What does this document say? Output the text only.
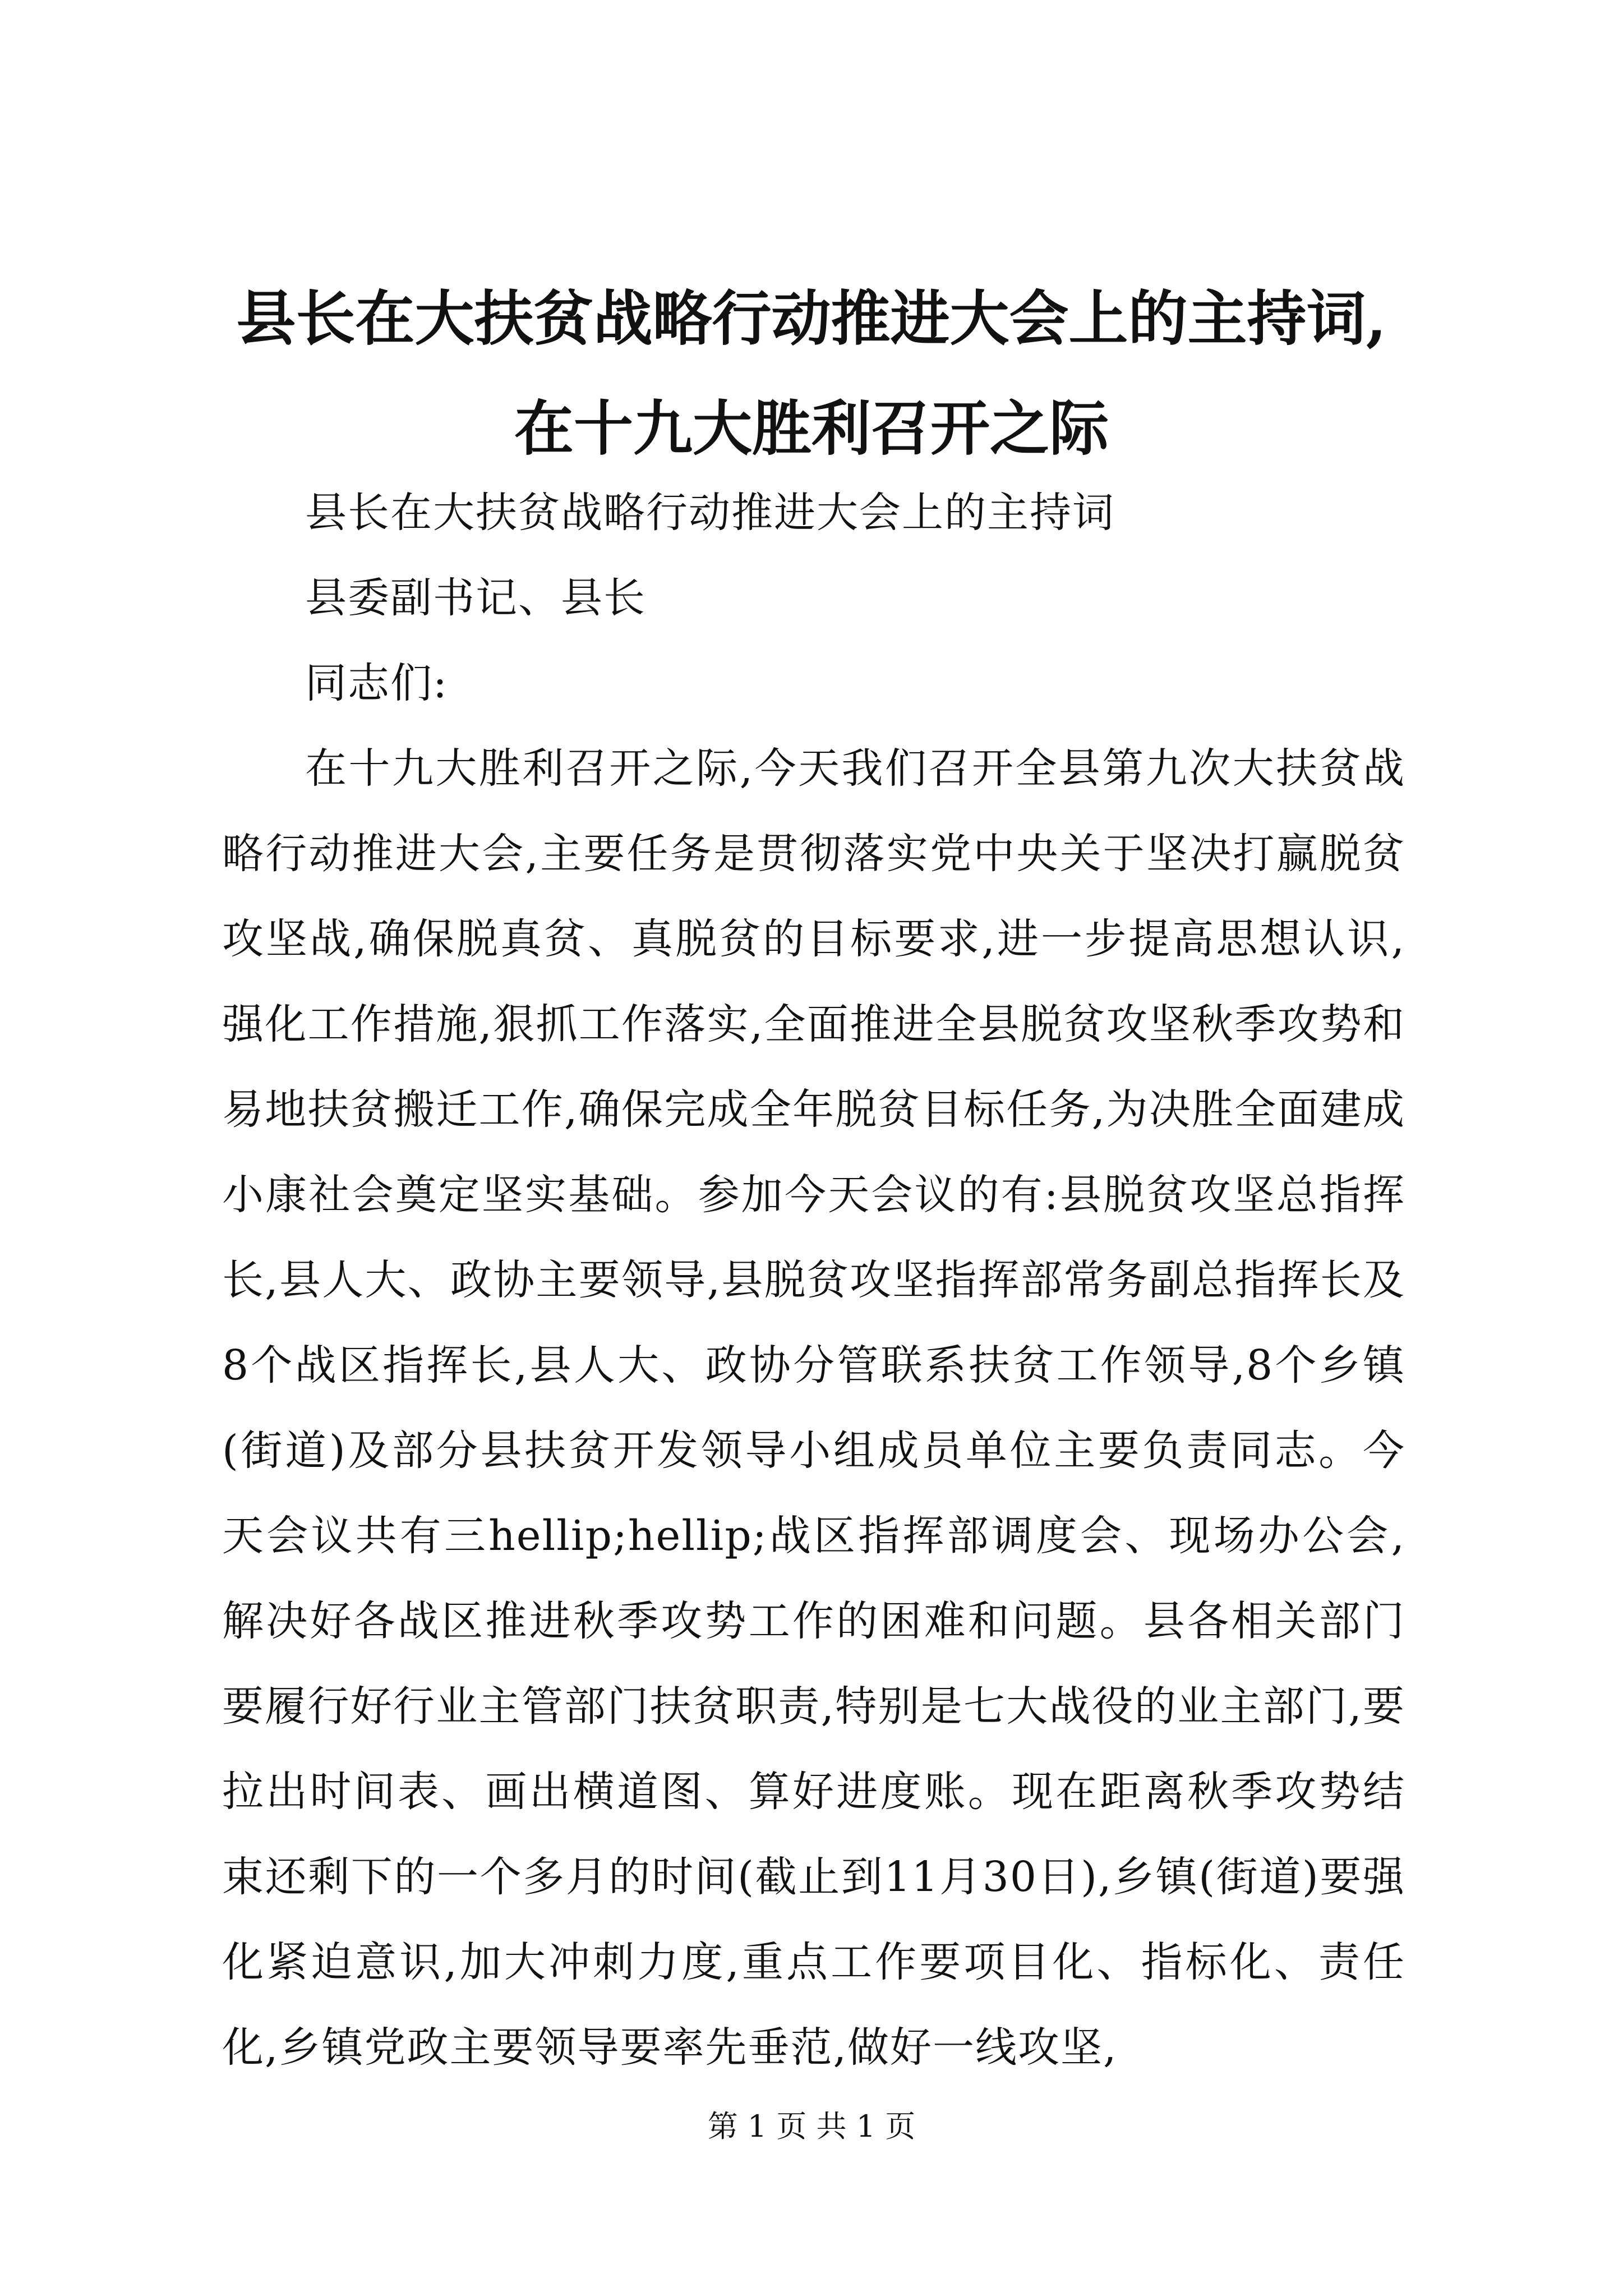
县长在大扶贫战略行动推进大会上的主持词,
在十九大胜利召开之际

县长在大扶贫战略行动推进大会上的主持词

县委副书记、县长

同志们:

在十九大胜利召开之际,今天我们召开全县第九次大扶贫战略行动推进大会,主要任务是贯彻落实党中央关于坚决打赢脱贫攻坚战,确保脱真贫、真脱贫的目标要求,进一步提高思想认识,强化工作措施,狠抓工作落实,全面推进全县脱贫攻坚秋季攻势和易地扶贫搬迁工作,确保完成全年脱贫目标任务,为决胜全面建成小康社会奠定坚实基础。参加今天会议的有:县脱贫攻坚总指挥长,县人大、政协主要领导,县脱贫攻坚指挥部常务副总指挥长及8个战区指挥长,县人大、政协分管联系扶贫工作领导,8个乡镇(街道)及部分县扶贫开发领导小组成员单位主要负责同志。今天会议共有三hellip;hellip;战区指挥部调度会、现场办公会,解决好各战区推进秋季攻势工作的困难和问题。县各相关部门要履行好行业主管部门扶贫职责,特别是七大战役的业主部门,要拉出时间表、画出横道图、算好进度账。现在距离秋季攻势结束还剩下的一个多月的时间(截止到11月30日),乡镇(街道)要强化紧迫意识,加大冲刺力度,重点工作要项目化、指标化、责任化,乡镇党政主要领导要率先垂范,做好一线攻坚,

第 1 页 共 1 页
